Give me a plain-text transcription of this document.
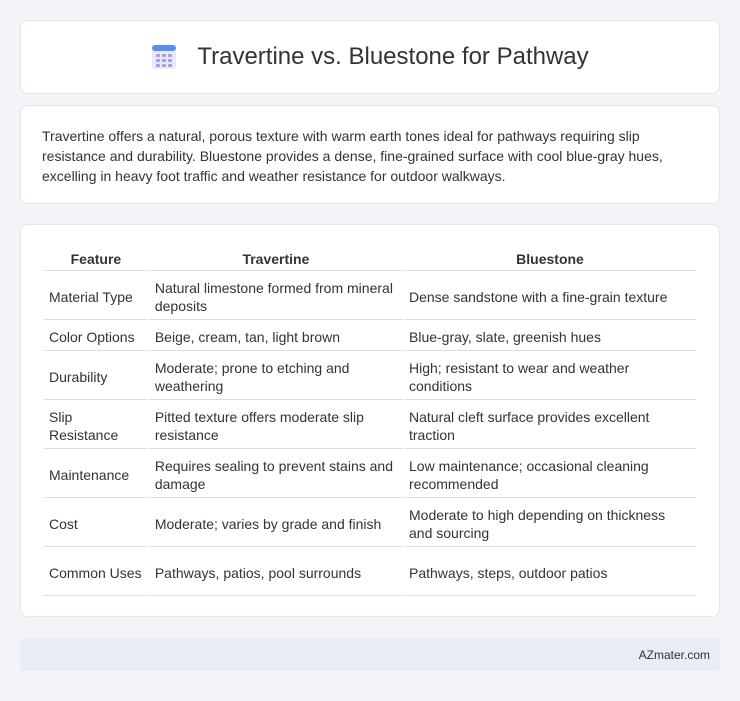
Travertine vs. Bluestone for Pathway

Travertine offers a natural, porous texture with warm earth tones ideal for pathways requiring slip resistance and durability. Bluestone provides a dense, fine-grained surface with cool blue-gray hues, excelling in heavy foot traffic and weather resistance for outdoor walkways.

Feature	Travertine	Bluestone
Material Type	Natural limestone formed from mineral deposits	Dense sandstone with a fine-grain texture
Color Options	Beige, cream, tan, light brown	Blue-gray, slate, greenish hues
Durability	Moderate; prone to etching and weathering	High; resistant to wear and weather conditions
Slip Resistance	Pitted texture offers moderate slip resistance	Natural cleft surface provides excellent traction
Maintenance	Requires sealing to prevent stains and damage	Low maintenance; occasional cleaning recommended
Cost	Moderate; varies by grade and finish	Moderate to high depending on thickness and sourcing
Common Uses	Pathways, patios, pool surrounds	Pathways, steps, outdoor patios
AZmater.com
